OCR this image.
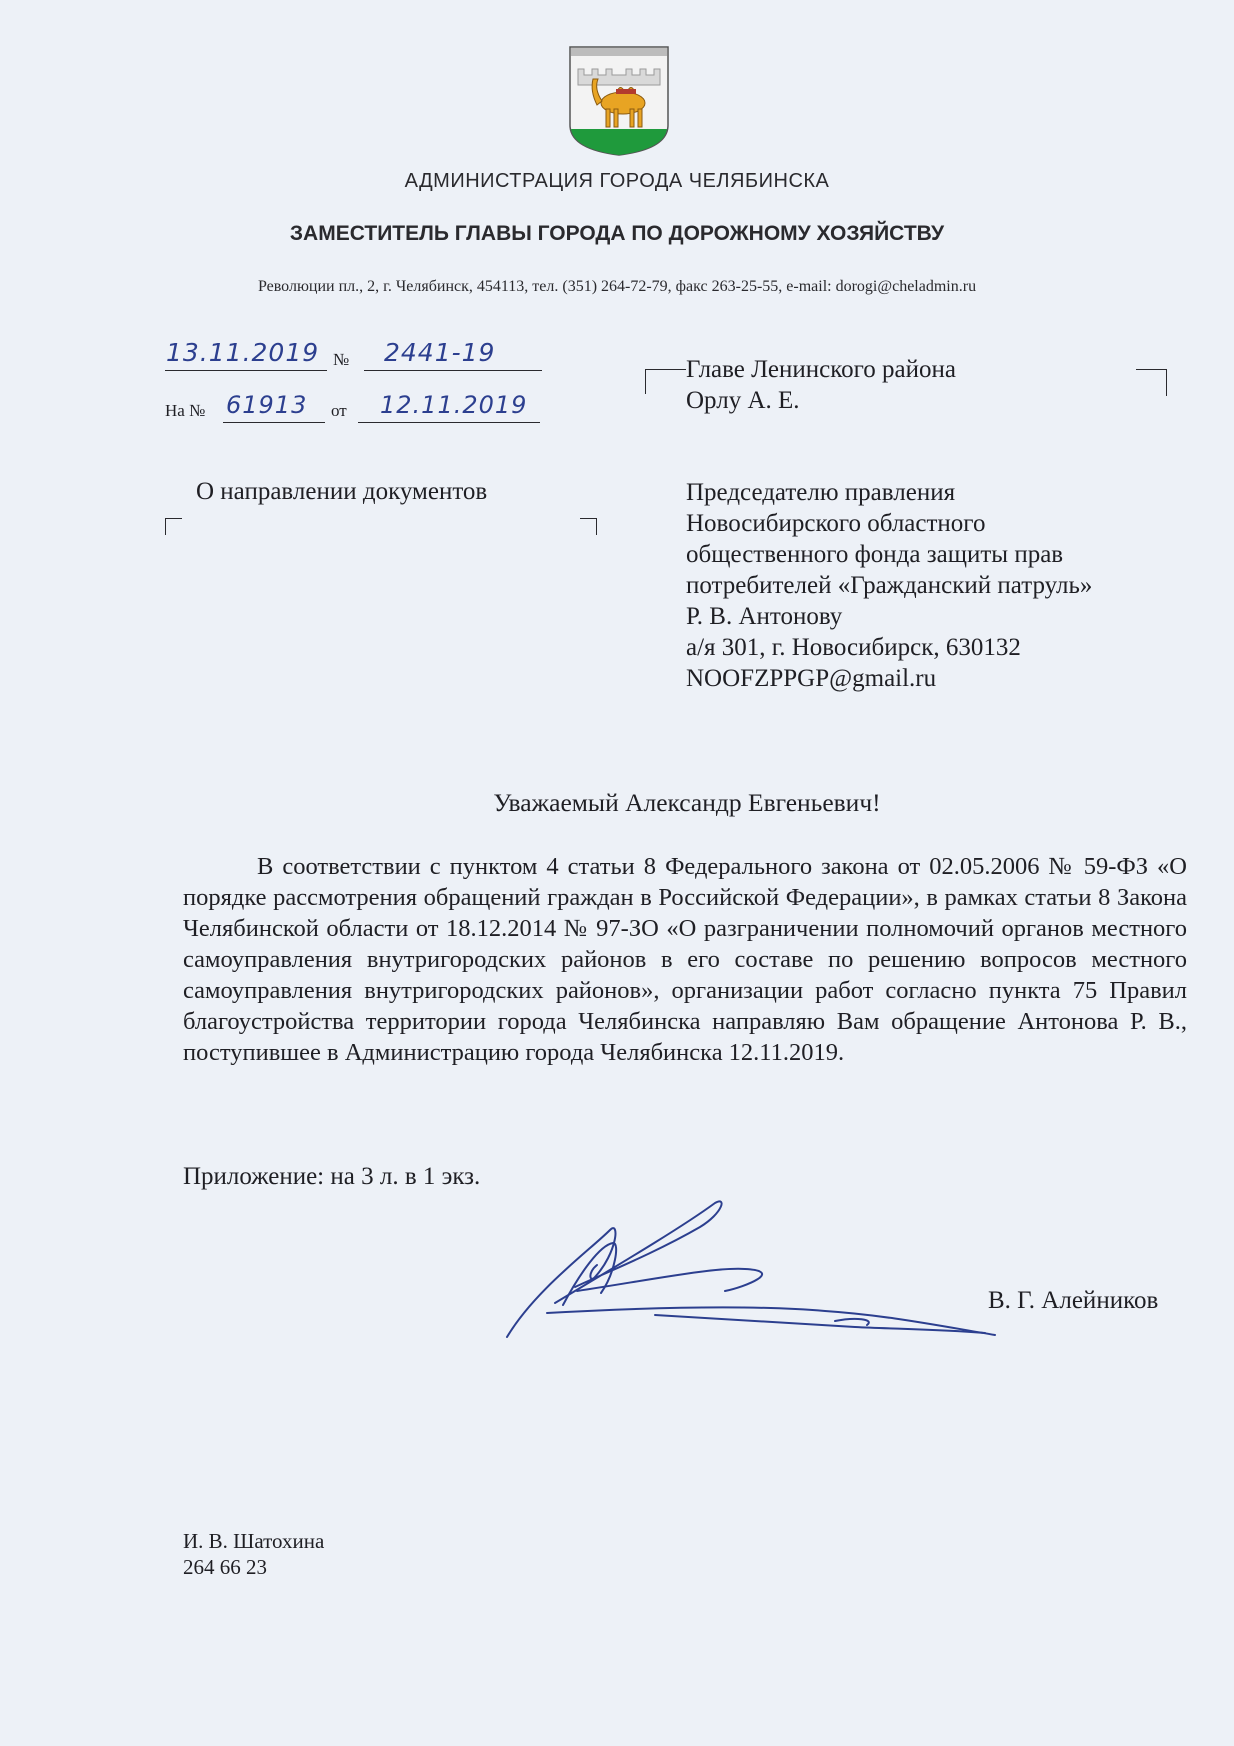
АДМИНИСТРАЦИЯ ГОРОДА ЧЕЛЯБИНСКА
ЗАМЕСТИТЕЛЬ ГЛАВЫ ГОРОДА ПО ДОРОЖНОМУ ХОЗЯЙСТВУ
Революции пл., 2, г. Челябинск, 454113, тел. (351) 264-72-79, факс 263-25-55, e-mail: dorogi@cheladmin.ru
13.11.2019 № 2441-19
На № 61913 от 12.11.2019
О направлении документов
Главе Ленинского района
Орлу А. Е.
Председателю правления
Новосибирского областного
общественного фонда защиты прав
потребителей «Гражданский патруль»
Р. В. Антонову
а/я 301, г. Новосибирск, 630132
NOOFZPPGP@gmail.ru
Уважаемый Александр Евгеньевич!

В соответствии с пунктом 4 статьи 8 Федерального закона от 02.05.2006 № 59-ФЗ «О порядке рассмотрения обращений граждан в Российской Федерации», в рамках статьи 8 Закона Челябинской области от 18.12.2014 № 97-ЗО «О разграничении полномочий органов местного самоуправления внутригородских районов в его составе по решению вопросов местного самоуправления внутригородских районов», организации работ согласно пункта 75 Правил благоустройства территории города Челябинска направляю Вам обращение Антонова Р. В., поступившее в Администрацию города Челябинска 12.11.2019.

Приложение: на 3 л. в 1 экз.
В. Г. Алейников
И. В. Шатохина
264 66 23
